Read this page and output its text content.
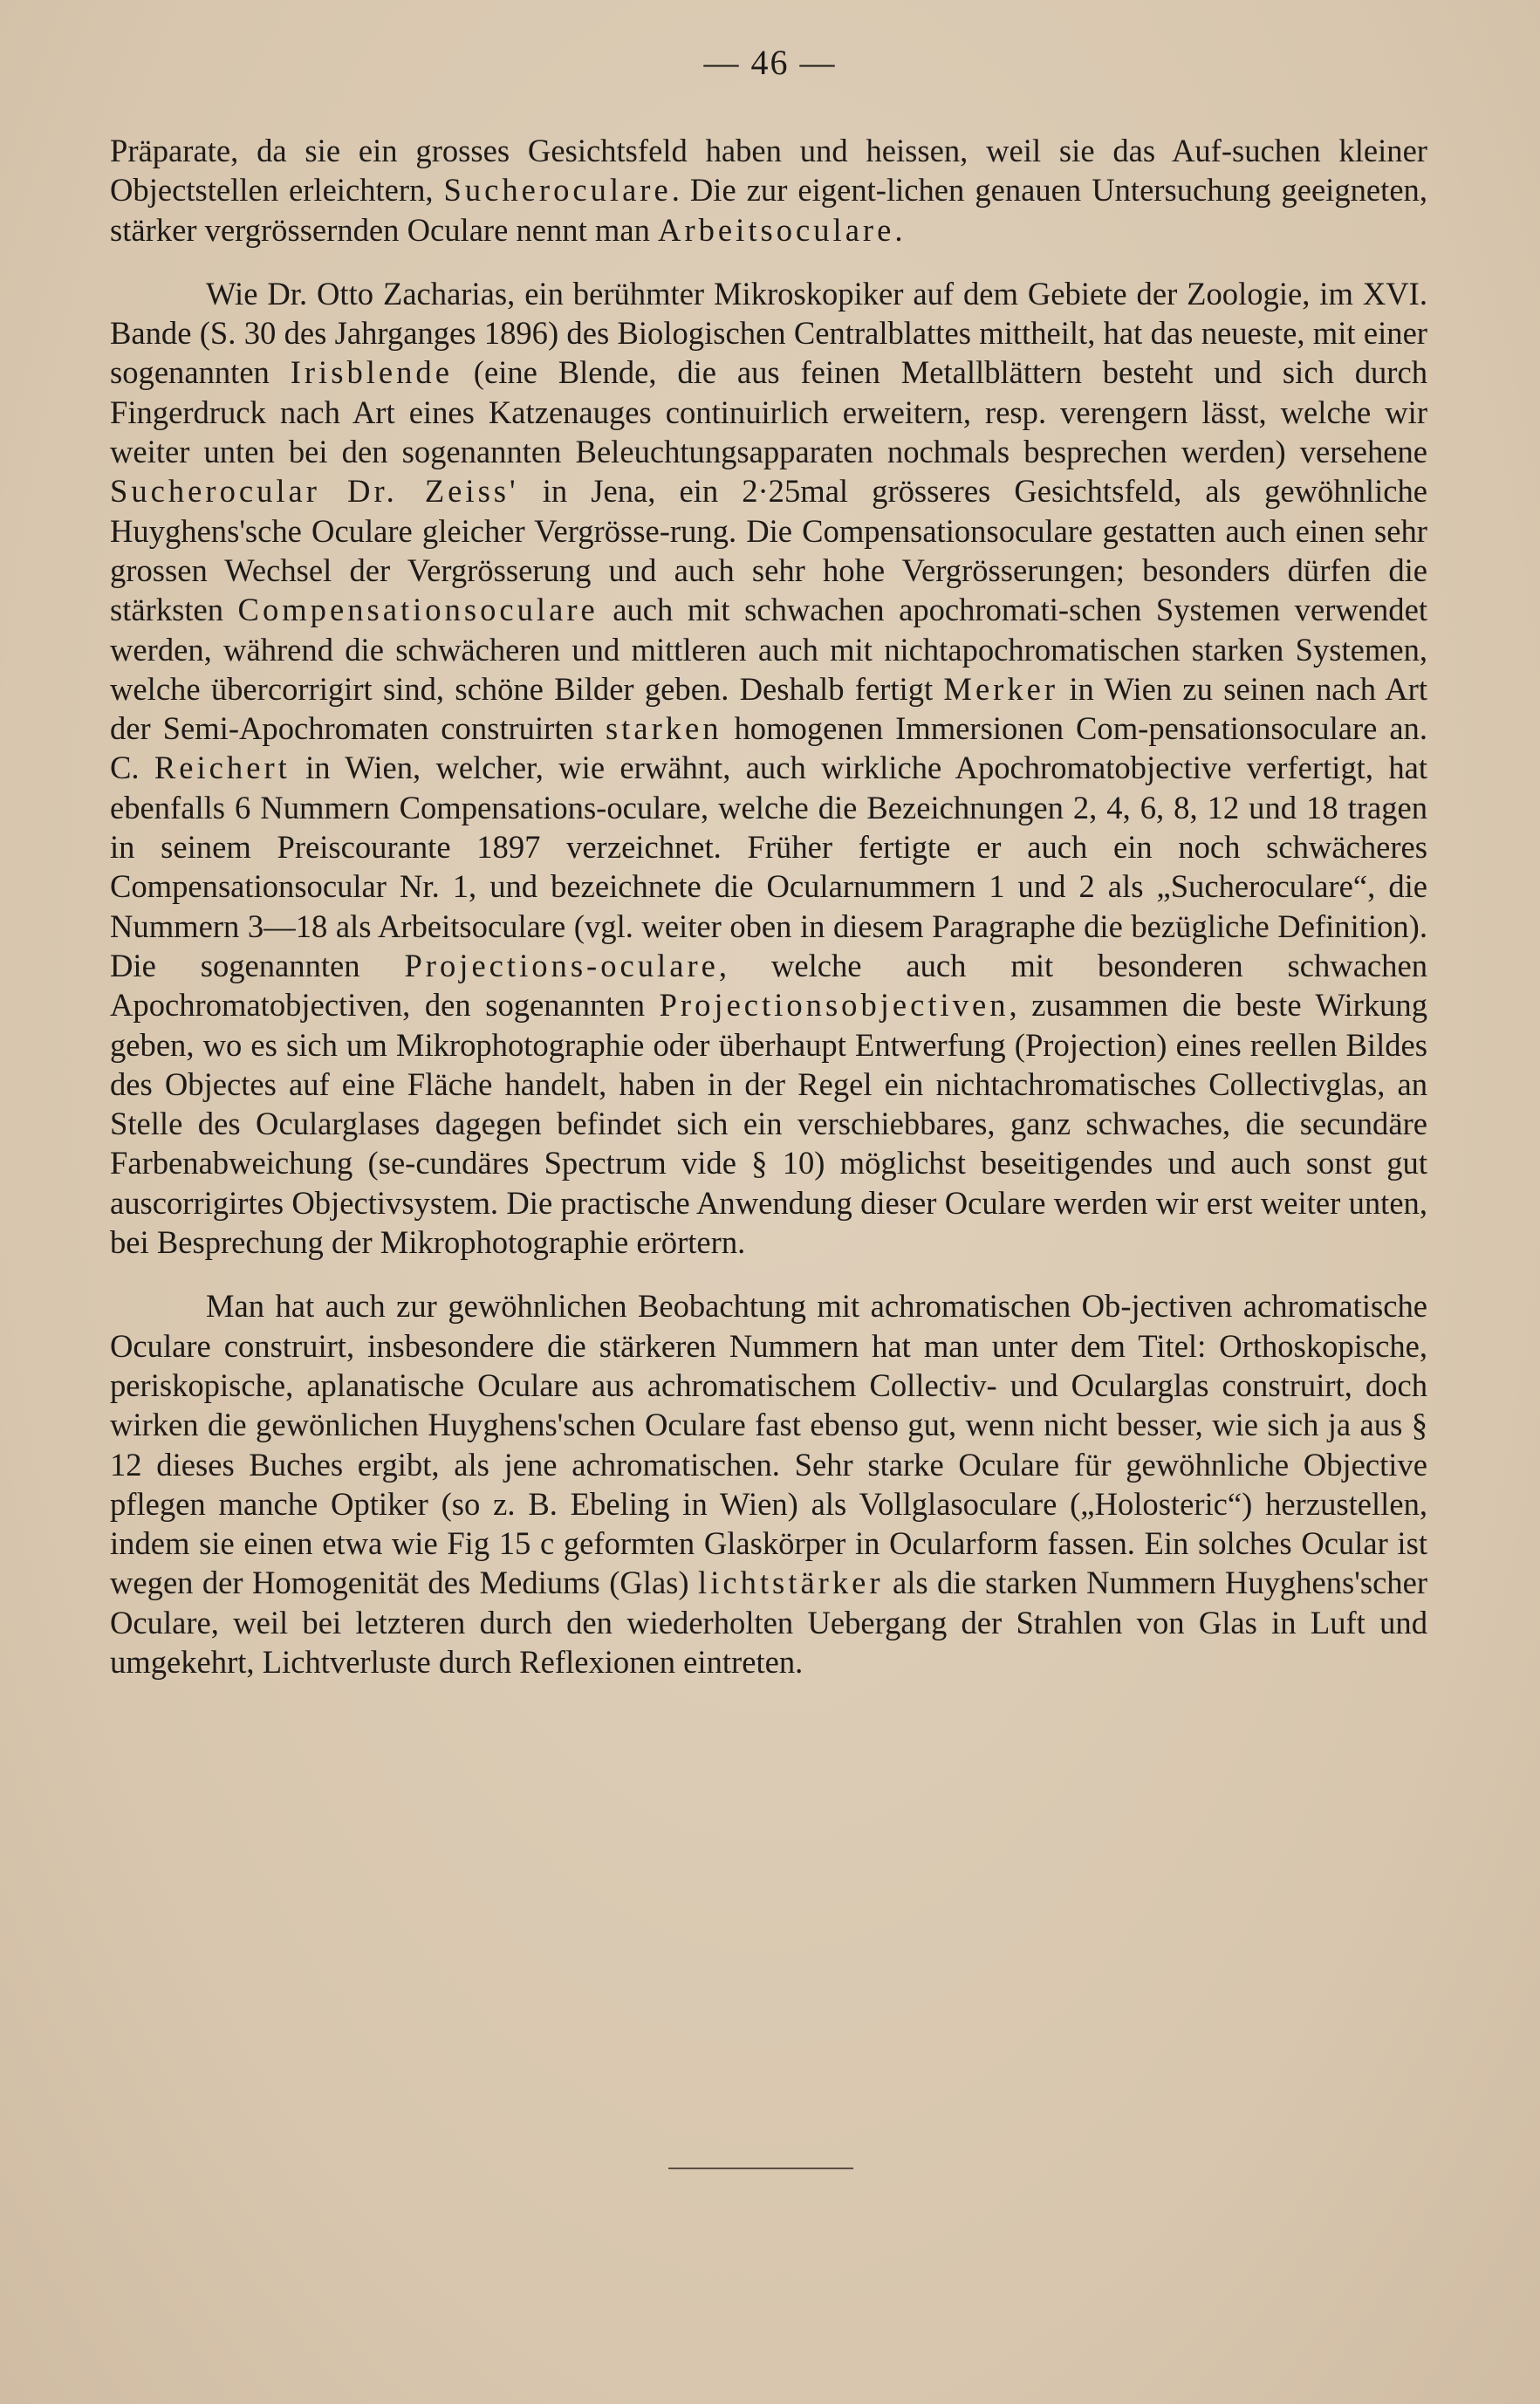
— 46 —

Präparate, da sie ein grosses Gesichtsfeld haben und heissen, weil sie das Auf-suchen kleiner Objectstellen erleichtern, Sucheroculare. Die zur eigent-lichen genauen Untersuchung geeigneten, stärker vergrössernden Oculare nennt man Arbeitsoculare.

Wie Dr. Otto Zacharias, ein berühmter Mikroskopiker auf dem Gebiete der Zoologie, im XVI. Bande (S. 30 des Jahrganges 1896) des Biologischen Centralblattes mittheilt, hat das neueste, mit einer sogenannten Irisblende (eine Blende, die aus feinen Metallblättern besteht und sich durch Fingerdruck nach Art eines Katzenauges continuirlich erweitern, resp. verengern lässt, welche wir weiter unten bei den sogenannten Beleuchtungsapparaten nochmals besprechen werden) versehene Sucherocular Dr. Zeiss' in Jena, ein 2·25mal grösseres Gesichtsfeld, als gewöhnliche Huyghens'sche Oculare gleicher Vergrösse-rung. Die Compensationsoculare gestatten auch einen sehr grossen Wechsel der Vergrösserung und auch sehr hohe Vergrösserungen; besonders dürfen die stärksten Compensationsoculare auch mit schwachen apochromati-schen Systemen verwendet werden, während die schwächeren und mittleren auch mit nichtapochromatischen starken Systemen, welche übercorrigirt sind, schöne Bilder geben. Deshalb fertigt Merker in Wien zu seinen nach Art der Semi-Apochromaten construirten starken homogenen Immersionen Com-pensationsoculare an. C. Reichert in Wien, welcher, wie erwähnt, auch wirkliche Apochromatobjective verfertigt, hat ebenfalls 6 Nummern Compensations-oculare, welche die Bezeichnungen 2, 4, 6, 8, 12 und 18 tragen in seinem Preiscourante 1897 verzeichnet. Früher fertigte er auch ein noch schwächeres Compensationsocular Nr. 1, und bezeichnete die Ocularnummern 1 und 2 als „Sucheroculare“, die Nummern 3—18 als Arbeitsoculare (vgl. weiter oben in diesem Paragraphe die bezügliche Definition). Die sogenannten Projections-oculare, welche auch mit besonderen schwachen Apochromatobjectiven, den sogenannten Projectionsobjectiven, zusammen die beste Wirkung geben, wo es sich um Mikrophotographie oder überhaupt Entwerfung (Projection) eines reellen Bildes des Objectes auf eine Fläche handelt, haben in der Regel ein nichtachromatisches Collectivglas, an Stelle des Ocularglases dagegen befindet sich ein verschiebbares, ganz schwaches, die secundäre Farbenabweichung (se-cundäres Spectrum vide § 10) möglichst beseitigendes und auch sonst gut auscorrigirtes Objectivsystem. Die practische Anwendung dieser Oculare werden wir erst weiter unten, bei Besprechung der Mikrophotographie erörtern.

Man hat auch zur gewöhnlichen Beobachtung mit achromatischen Ob-jectiven achromatische Oculare construirt, insbesondere die stärkeren Nummern hat man unter dem Titel: Orthoskopische, periskopische, aplanatische Oculare aus achromatischem Collectiv- und Ocularglas construirt, doch wirken die gewönlichen Huyghens'schen Oculare fast ebenso gut, wenn nicht besser, wie sich ja aus § 12 dieses Buches ergibt, als jene achromatischen. Sehr starke Oculare für gewöhnliche Objective pflegen manche Optiker (so z. B. Ebeling in Wien) als Vollglasoculare („Holosteric“) herzustellen, indem sie einen etwa wie Fig 15 c geformten Glaskörper in Ocularform fassen. Ein solches Ocular ist wegen der Homogenität des Mediums (Glas) lichtstärker als die starken Nummern Huyghens'scher Oculare, weil bei letzteren durch den wiederholten Uebergang der Strahlen von Glas in Luft und umgekehrt, Lichtverluste durch Reflexionen eintreten.
